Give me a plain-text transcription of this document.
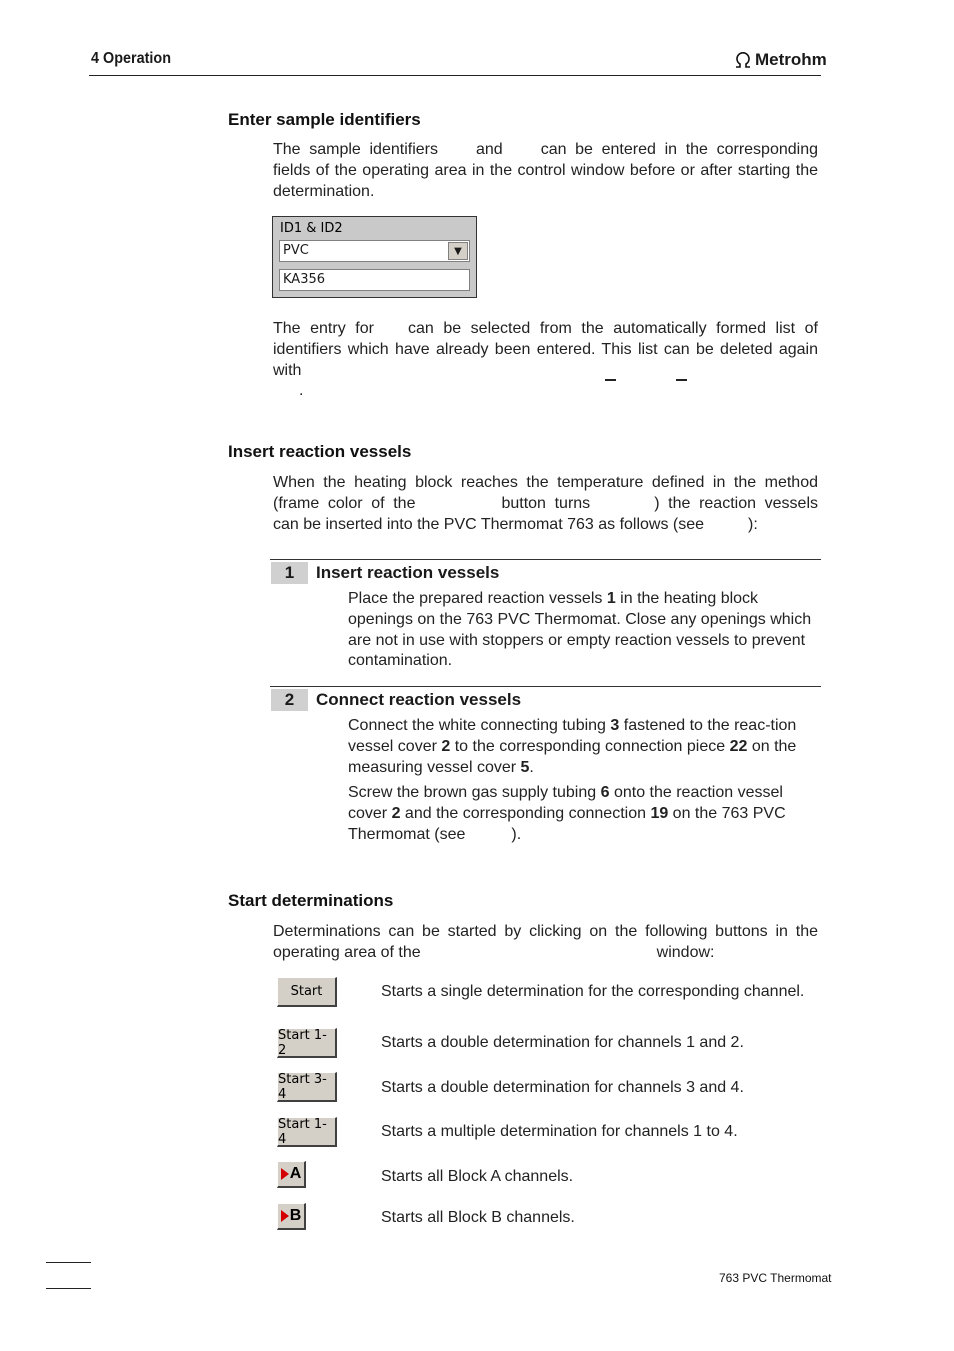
4 Operation	Metrohm
Enter sample identifiers
The sample identifiers and can be entered in the corresponding fields of the operating area in the control window before or after starting the determination.
ID1 & ID2
PVC	▼
KA356
The entry for can be selected from the automatically formed list of identifiers which have already been entered. This list can be deleted again with
.
Insert reaction vessels
When the heating block reaches the temperature defined in the method (frame color of the	button turns	) the reaction vessels can be inserted into the PVC Thermomat 763 as follows (see	):
1	Insert reaction vessels

Place the prepared reaction vessels 1 in the heating block openings on the 763 PVC Thermomat. Close any openings which are not in use with stoppers or empty reaction vessels to prevent contamination.

2	Connect reaction vessels

Connect the white connecting tubing 3 fastened to the reac-tion vessel cover 2 to the corresponding connection piece 22 on the measuring vessel cover 5.

Screw the brown gas supply tubing 6 onto the reaction vessel cover 2 and the corresponding connection 19 on the 763 PVC Thermomat (see	).

Start determinations
Determinations can be started by clicking on the following buttons in the operating area of the	window:
Start	Starts a single determination for the corresponding channel.
Start 1-2	Starts a double determination for channels 1 and 2.
Start 3-4	Starts a double determination for channels 3 and 4.
Start 1-4	Starts a multiple determination for channels 1 to 4.
A	Starts all Block A channels.
B	Starts all Block B channels.
763 PVC Thermomat
